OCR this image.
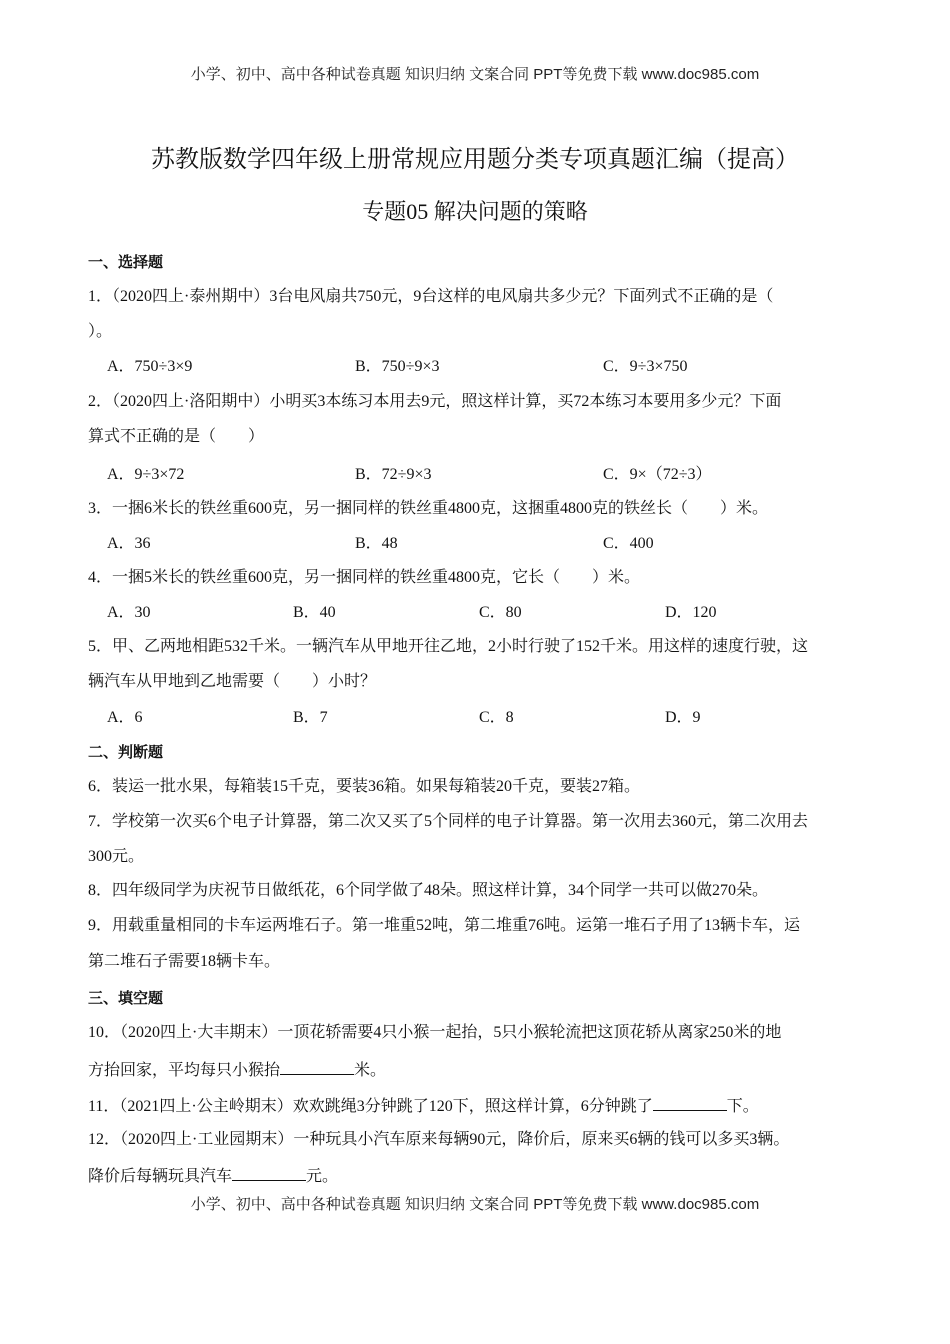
小学、初中、高中各种试卷真题 知识归纳 文案合同 PPT等免费下载 www.doc985.com
苏教版数学四年级上册常规应用题分类专项真题汇编（提高）
专题05 解决问题的策略
一、选择题
1．（2020四上·泰州期中）3台电风扇共750元，9台这样的电风扇共多少元？下面列式不正确的是（
）。
A．750÷3×9	B．750÷9×3	C．9÷3×750
2．（2020四上·洛阳期中）小明买3本练习本用去9元，照这样计算，买72本练习本要用多少元？下面
算式不正确的是（　　）
A．9÷3×72	B．72÷9×3	C．9×（72÷3）
3．一捆6米长的铁丝重600克，另一捆同样的铁丝重4800克，这捆重4800克的铁丝长（　　）米。
A．36	B．48	C．400
4．一捆5米长的铁丝重600克，另一捆同样的铁丝重4800克，它长（　　）米。
A．30	B．40	C．80	D．120
5．甲、乙两地相距532千米。一辆汽车从甲地开往乙地，2小时行驶了152千米。用这样的速度行驶，这
辆汽车从甲地到乙地需要（　　）小时？
A．6	B．7	C．8	D．9
二、判断题
6．装运一批水果，每箱装15千克，要装36箱。如果每箱装20千克，要装27箱。
7．学校第一次买6个电子计算器，第二次又买了5个同样的电子计算器。第一次用去360元，第二次用去
300元。
8．四年级同学为庆祝节日做纸花，6个同学做了48朵。照这样计算，34个同学一共可以做270朵。
9．用载重量相同的卡车运两堆石子。第一堆重52吨，第二堆重76吨。运第一堆石子用了13辆卡车，运
第二堆石子需要18辆卡车。
三、填空题
10．（2020四上·大丰期末）一顶花轿需要4只小猴一起抬，5只小猴轮流把这顶花轿从离家250米的地
方抬回家，平均每只小猴抬	米。
11．（2021四上·公主岭期末）欢欢跳绳3分钟跳了120下，照这样计算，6分钟跳了	下。
12．（2020四上·工业园期末）一种玩具小汽车原来每辆90元，降价后，原来买6辆的钱可以多买3辆。
降价后每辆玩具汽车	元。
小学、初中、高中各种试卷真题 知识归纳 文案合同 PPT等免费下载 www.doc985.com
